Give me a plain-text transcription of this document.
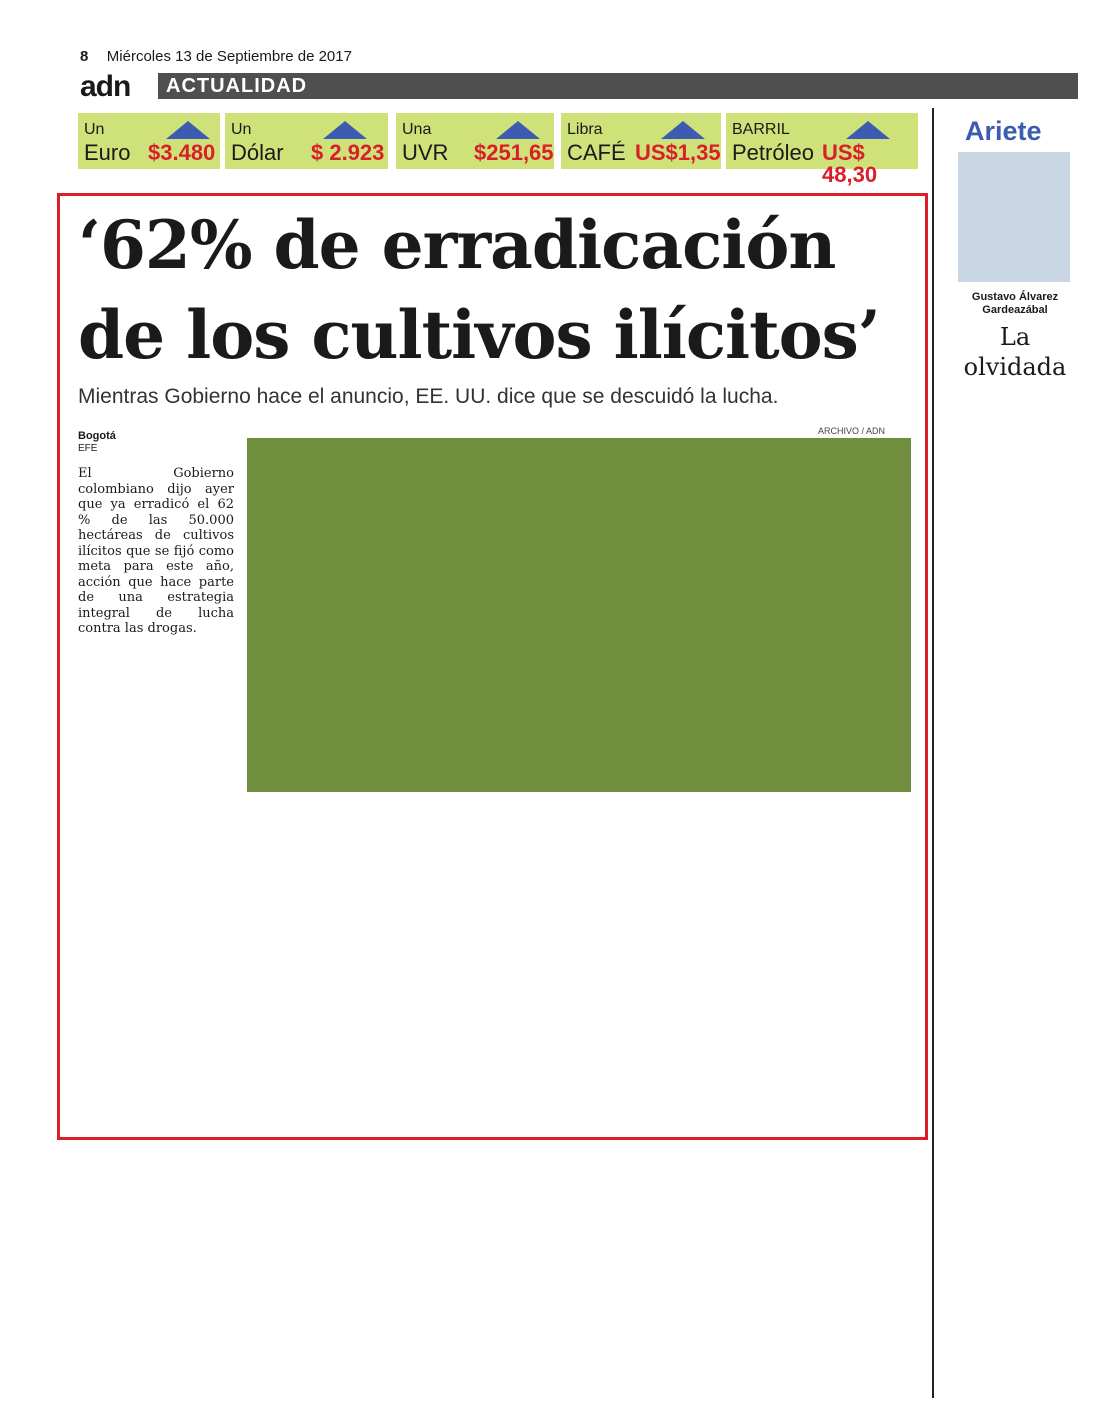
8 Miércoles 13 de Septiembre de 2017
adn	ACTUALIDAD
Un
Euro $3.480
Un
Dólar $ 2.923
Una
UVR $251,65
Libra
CAFÉ US$1,35
BARRIL
Petróleo US$ 48,30
‘62% de erradicación
de los cultivos ilícitos’
Mientras Gobierno hace el anuncio, EE. UU. dice que se descuidó la lucha.
Bogotá
EFE
ARCHIVO / ADN
El Gobierno colombiano dijo ayer que ya erradicó el 62 % de las 50.000 hectáreas de cultivos ilícitos que se fijó como meta para este año, acción que hace parte de una estrategia integral de lucha contra las drogas.
Ariete
Gustavo Álvarez
Gardeazábal
La
olvidada
